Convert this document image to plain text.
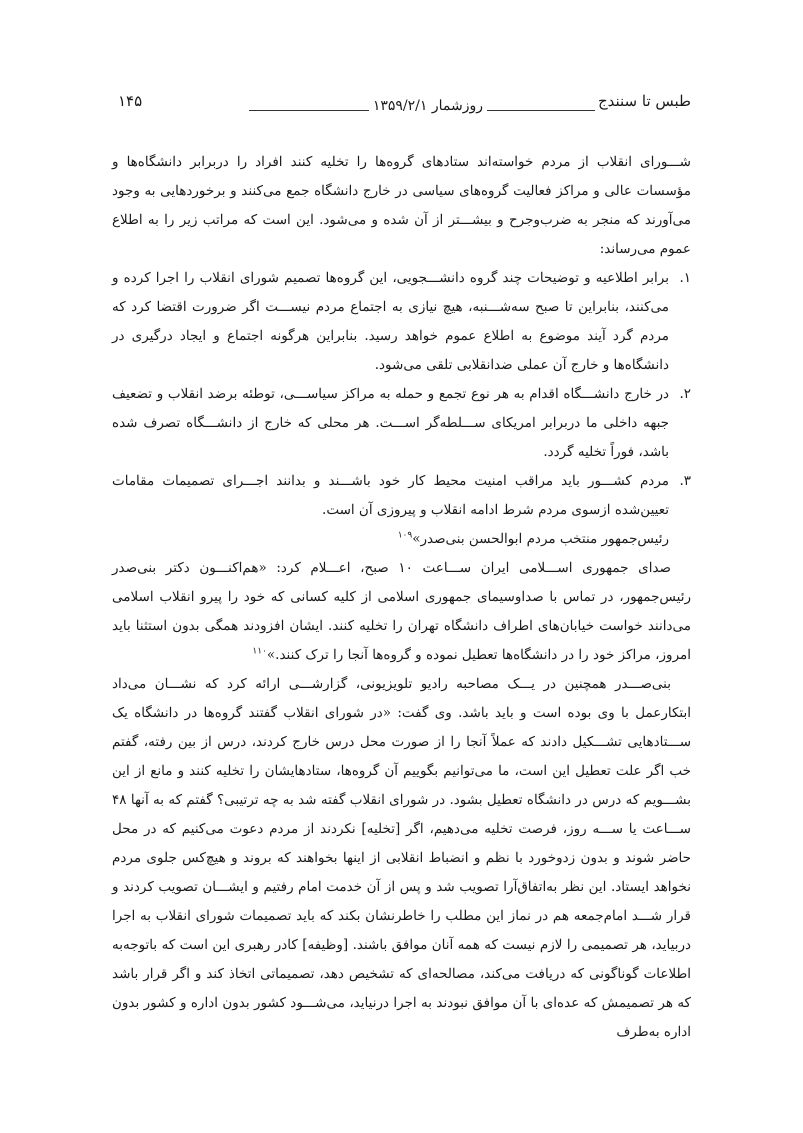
طبس تا سنندج
روزشمار ۱۳۵۹/۲/۱
۱۴۵

شـــورای انقلاب از مردم خواسته‌اند ستادهای گروه‌ها را تخلیه کنند افراد را دربرابر دانشگاه‌ها و مؤسسات عالی و مراکز فعالیت گروه‌های سیاسی در خارج دانشگاه جمع می‌کنند و برخوردهایی به وجود می‌آورند که منجر به ضرب‌وجرح و بیشـــتر از آن شده و می‌شود. این است که مراتب زیر را به اطلاع عموم می‌رساند:

۱.
برابر اطلاعیه و توضیحات چند گروه دانشـــجویی، این گروه‌ها تصمیم شورای انقلاب را اجرا کرده و می‌کنند، بنابراین تا صبح سه‌شـــنبه، هیچ نیازی به اجتماع مردم نیســـت اگر ضرورت اقتضا کرد که مردم گرد آیند موضوع به اطلاع عموم خواهد رسید. بنابراین هرگونه اجتماع و ایجاد درگیری در دانشگاه‌ها و خارج آن عملی ضدانقلابی تلقی می‌شود.
۲.
در خارج دانشـــگاه اقدام به هر نوع تجمع و حمله به مراکز سیاســـی، توطئه برضد انقلاب و تضعیف جبهه داخلی ما دربرابر امریکای ســـلطه‌گر اســـت. هر محلی که خارج از دانشـــگاه تصرف شده باشد، فوراً تخلیه گردد.
۳.
مردم کشـــور باید مراقب امنیت محیط کار خود باشـــند و بدانند اجـــرای تصمیمات مقامات تعیین‌شده ازسوی مردم شرط ادامه انقلاب و پیروزی آن است.

رئیس‌جمهور منتخب مردم ابوالحسن بنی‌صدر»$^{۱۰۹}$

صدای جمهوری اســـلامی ایران ســـاعت ۱۰ صبح، اعـــلام کرد: «هم‌اکنـــون دکتر بنی‌صدر رئیس‌جمهور، در تماس با صداوسیمای جمهوری اسلامی از کلیه کسانی که خود را پیرو انقلاب اسلامی می‌دانند خواست خیابان‌های اطراف دانشگاه تهران را تخلیه کنند. ایشان افزودند همگی بدون استثنا باید امروز، مراکز خود را در دانشگاه‌ها تعطیل نموده و گروه‌ها آنجا را ترک کنند.»$^{۱۱۰}$

بنی‌صـــدر همچنین در یـــک مصاحبه رادیو تلویزیونی، گزارشـــی ارائه کرد که نشـــان می‌داد ابتکارعمل با وی بوده است و باید باشد. وی گفت: «در شورای انقلاب گفتند گروه‌ها در دانشگاه یک ســـتادهایی تشـــکیل دادند که عملاً آنجا را از صورت محل درس خارج کردند، درس از بین رفته، گفتم خب اگر علت تعطیل این است، ما می‌توانیم بگوییم آن گروه‌ها، ستادهایشان را تخلیه کنند و مانع از این بشـــویم که درس در دانشگاه تعطیل بشود. در شورای انقلاب گفته شد به چه ترتیبی؟ گفتم که به آنها ۴۸ ســـاعت یا ســـه روز، فرصت تخلیه می‌دهیم، اگر [تخلیه] نکردند از مردم دعوت می‌کنیم که در محل حاضر شوند و بدون زدوخورد با نظم و انضباط انقلابی از اینها بخواهند که بروند و هیچ‌کس جلوی مردم نخواهد ایستاد. این نظر به‌اتفاق‌آرا تصویب شد و پس از آن خدمت امام رفتیم و ایشـــان تصویب کردند و قرار شـــد امام‌جمعه هم در نماز این مطلب را خاطرنشان بکند که باید تصمیمات شورای انقلاب به اجرا دربیاید، هر تصمیمی را لازم نیست که همه آنان موافق باشند. [وظیفه] کادر رهبری این است که باتوجه‌به اطلاعات گوناگونی که دریافت می‌کند، مصالحه‌ای که تشخیص دهد، تصمیماتی اتخاذ کند و اگر قرار باشد که هر تصمیمش که عده‌ای با آن موافق نبودند به اجرا درنیاید، می‌شـــود کشور بدون اداره و کشور بدون اداره به‌طرف
